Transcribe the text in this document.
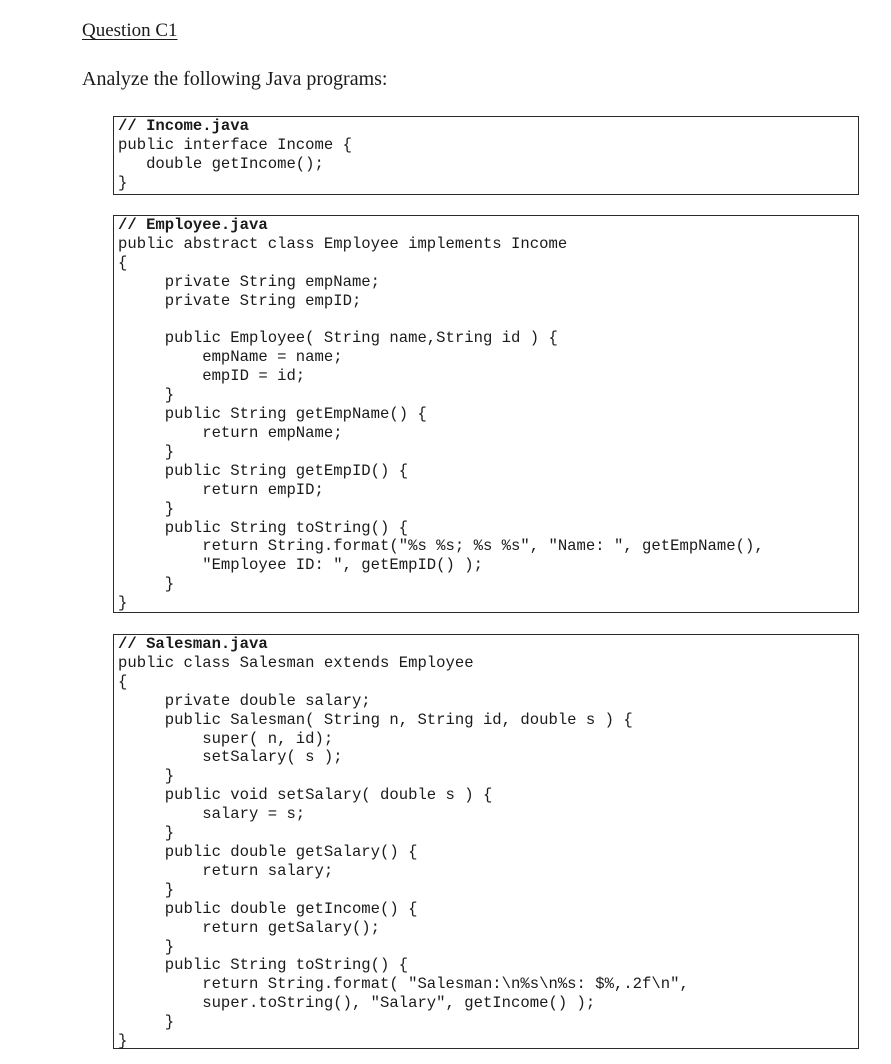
Question C1

Analyze the following Java programs:

// Income.java
public interface Income {
double getIncome();
}
// Employee.java
public abstract class Employee implements Income
{
private String empName;
private String empID;

public Employee( String name,String id ) {
empName = name;
empID = id;
}
public String getEmpName() {
return empName;
}
public String getEmpID() {
return empID;
}
public String toString() {
return String.format("%s %s; %s %s", "Name: ", getEmpName(),
"Employee ID: ", getEmpID() );
}
}
// Salesman.java
public class Salesman extends Employee
{
private double salary;
public Salesman( String n, String id, double s ) {
super( n, id);
setSalary( s );
}
public void setSalary( double s ) {
salary = s;
}
public double getSalary() {
return salary;
}
public double getIncome() {
return getSalary();
}
public String toString() {
return String.format( "Salesman:\n%s\n%s: $%,.2f\n",
super.toString(), "Salary", getIncome() );
}
}
